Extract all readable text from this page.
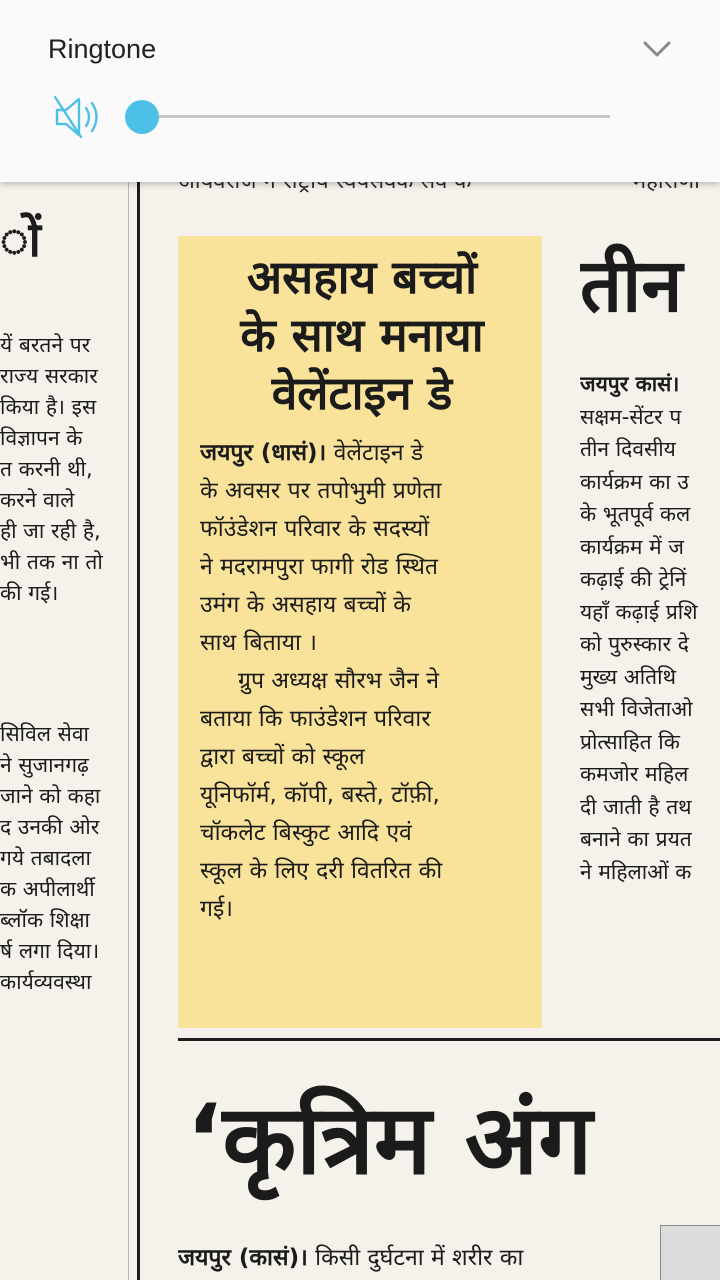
ों
यें बरतने पर
राज्य सरकार
किया है। इस
विज्ञापन के
त करनी थी,
करने वाले
ही जा रही है,
भी तक ना तो
की गई।
सिविल सेवा
ने सुजानगढ़
जाने को कहा
द उनकी ओर
गये तबादला
क अपीलार्थी
ब्लॉक शिक्षा
र्ष लगा दिया।
कार्यव्यवस्था
असहाय बच्चों
के साथ मनाया
वेलेंटाइन डे
जयपुर (धासं)। वेलेंटाइन डे
के अवसर पर तपोभुमी प्रणेता
फॉउंडेशन परिवार के सदस्यों
ने मदरामपुरा फागी रोड स्थित
उमंग के असहाय बच्चों के
साथ बिताया ।
ग्रुप अध्यक्ष सौरभ जैन ने
बताया कि फाउंडेशन परिवार
द्वारा बच्चों को स्कूल
यूनिफॉर्म, कॉपी, बस्ते, टॉफ़ी,
चॉकलेट बिस्कुट आदि एवं
स्कूल के लिए दरी वितरित की
गई।
तीन
जयपुर कासं।
सक्षम-सेंटर प
तीन दिवसीय
कार्यक्रम का उ
के भूतपूर्व कल
कार्यक्रम में ज
कढ़ाई की ट्रेनिं
यहाँ कढ़ाई प्रशि
को पुरुस्कार दे
मुख्य अतिथि
सभी विजेताओ
प्रोत्साहित कि
कमजोर महिल
दी जाती है तथ
बनाने का प्रयत
ने महिलाओं क
‘कृत्रिम अंग
जयपुर (कासं)। किसी दुर्घटना में शरीर का
Ringtone
